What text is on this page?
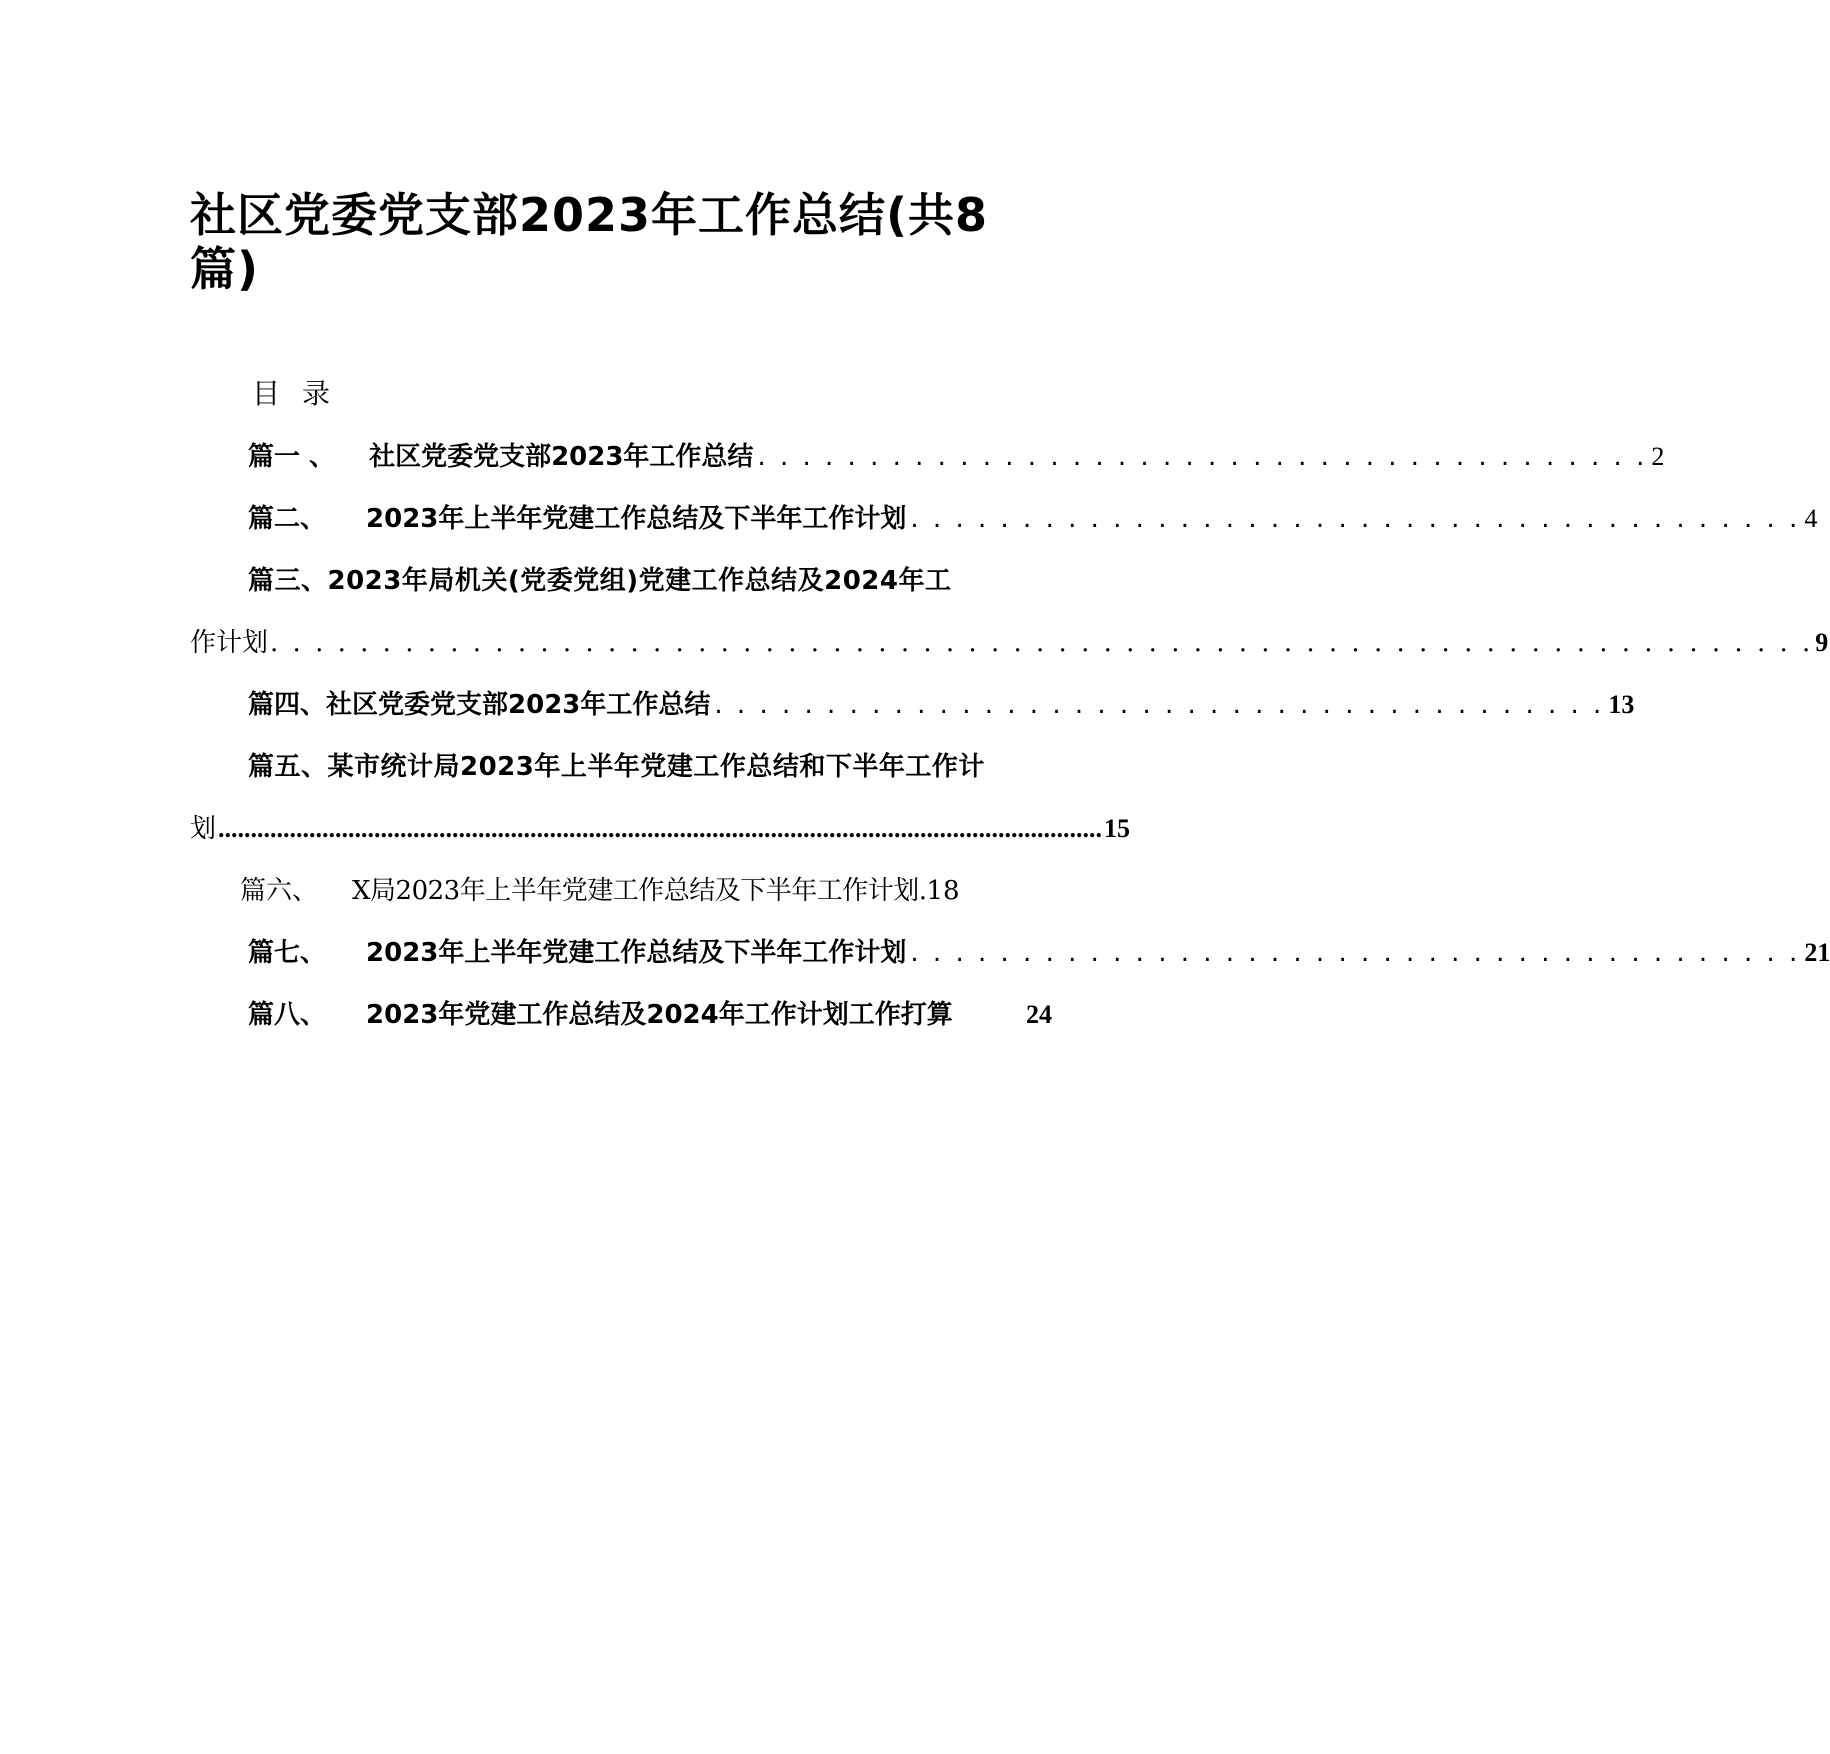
社区党委党支部2023年工作总结(共8
篇)
目录
篇一 、 社区党委党支部2023年工作总结 . . . . . . . . . . . . . . . . . . . . . . . . . . . . . . . . . . . . . . . . 2
篇二、 2023年上半年党建工作总结及下半年工作计划 . . . . . . . . . . . . . . . . . . . . . . . . . . . . . . . . . . . . . . . . 4
篇三、2023年局机关(党委党组)党建工作总结及2024年工
作计划 . . . . . . . . . . . . . . . . . . . . . . . . . . . . . . . . . . . . . . . . . . . . . . . . . . . . . . . . . . . . . . . . . . . . . 9
篇四、 社区党委党支部2023年工作总结 . . . . . . . . . . . . . . . . . . . . . . . . . . . . . . . . . . . . . . . . 13
篇五、某市统计局2023年上半年党建工作总结和下半年工作计
划 ........................................................................................................................................ 15
篇六、 X局2023年上半年党建工作总结及下半年工作计划. 18
篇七、 2023年上半年党建工作总结及下半年工作计划 . . . . . . . . . . . . . . . . . . . . . . . . . . . . . . . . . . . . . . . . 21
篇八、 2023年党建工作总结及2024年工作计划工作打算	24
